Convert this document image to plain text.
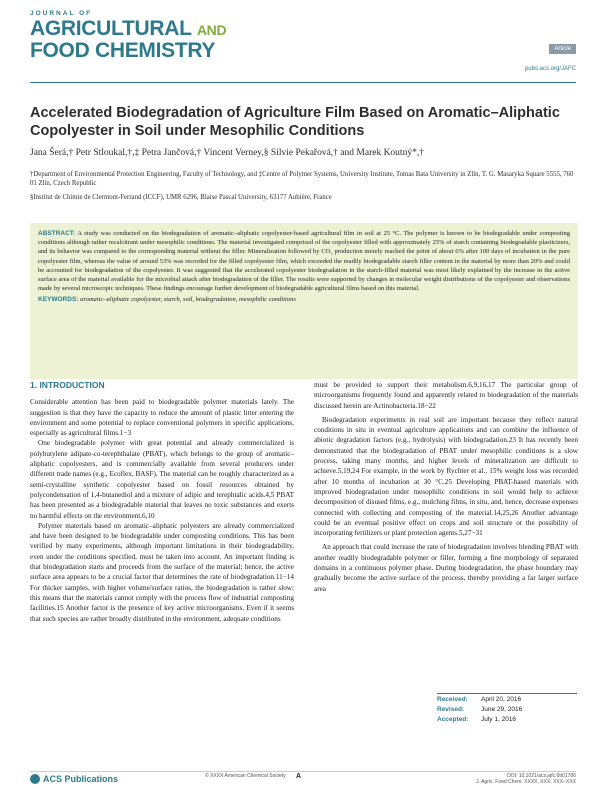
JOURNAL OF
AGRICULTURAL AND
FOOD CHEMISTRY	Article
pubs.acs.org/JAFC
Accelerated Biodegradation of Agriculture Film Based on Aromatic–Aliphatic Copolyester in Soil under Mesophilic Conditions

Jana Šerá,† Petr Stloukal,†,‡ Petra Jančová,† Vincent Verney,§ Silvie Pekařová,† and Marek Koutný*,†

†Department of Environmental Protection Engineering, Faculty of Technology, and ‡Centre of Polymer Systems, University Institute, Tomas Bata University in Zlín, T. G. Masaryka Square 5555, 760 01 Zlín, Czech Republic

§Institut de Chimie de Clermont-Ferrand (ICCF), UMR 6296, Blaise Pascal University, 63177 Aubière, France

ABSTRACT: A study was conducted on the biodegradation of aromatic–aliphatic copolyester-based agricultural film in soil at 25 °C. The polymer is known to be biodegradable under composting conditions although rather recalcitrant under mesophilic conditions. The material investigated comprised of the copolyester filled with approximately 25% of starch containing biodegradable plasticizers, and its behavior was compared to the corresponding material without the filler. Mineralization followed by CO₂ production merely reached the point of about 6% after 100 days of incubation in the pure copolyester film, whereas the value of around 53% was recorded for the filled copolyester film, which exceeded the readily biodegradable starch filler content in the material by more than 20% and could be accounted for biodegradation of the copolyester. It was suggested that the accelerated copolyester biodegradation in the starch-filled material was most likely explained by the increase in the active surface area of the material available for the microbial attack after biodegradation of the filler. The results were supported by changes in molecular weight distributions of the copolyester and observations made by several microscopic techniques. These findings encourage further development of biodegradable agricultural films based on this material.
KEYWORDS: aromatic–aliphatic copolyester, starch, soil, biodegradation, mesophilic conditions
1. INTRODUCTION

Considerable attention has been paid to biodegradable polymer materials lately. The suggestion is that they have the capacity to reduce the amount of plastic litter entering the environment and some potential to replace conventional polymers in specific applications, especially as agricultural films.1−3

One biodegradable polymer with great potential and already commercialized is polybutylene adipate-co-terephthalate (PBAT), which belongs to the group of aromatic–aliphatic copolyesters, and is commercially available from several producers under different trade names (e.g., Ecoflex, BASF). The material can be roughly characterized as a semi-crystalline synthetic copolyester based on fossil resources obtained by polycondensation of 1,4-butanediol and a mixture of adipic and terephtalic acids.4,5 PBAT has been presented as a biodegradable material that leaves no toxic substances and exerts no harmful effects on the environment.6,10

Polymer materials based on aromatic–aliphatic polyesters are already commercialized and have been designed to be biodegradable under composting conditions. This has been verified by many experiments, although important limitations in their biodegradability, even under the conditions specified, must be taken into account. An important finding is that biodegradation starts and proceeds from the surface of the material; hence, the active surface area appears to be a crucial factor that determines the rate of biodegradation.11−14 For thicker samples, with higher volume/surface ratios, the biodegradation is rather slow; this means that the materials cannot comply with the process flow of industrial composting facilities.15 Another factor is the presence of key active microorganisms. Even if it seems that such species are rather broadly distributed in the environment, adequate conditions

must be provided to support their metabolism.6,9,16,17 The particular group of microorganisms frequently found and apparently related to biodegradation of the materials discussed herein are Actinobacteria.18−22

Biodegradation experiments in real soil are important because they reflect natural conditions in situ in eventual agriculture applications and can combine the influence of abiotic degradation factors (e.g., hydrolysis) with biodegradation.23 It has recently been demonstrated that the biodegradation of PBAT under mesophilic conditions is a slow process, taking many months, and higher levels of mineralization are difficult to achieve.5,19,24 For example, in the work by Rychter et al., 15% weight loss was recorded after 10 months of incubation at 30 °C.25 Developing PBAT-based materials with improved biodegradation under mesophilic conditions in soil would help to achieve decomposition of disused films, e.g., mulching films, in situ, and, hence, decrease expenses connected with collecting and composting of the material.14,25,26 Another advantage could be an eventual positive effect on crops and soil structure or the possibility of incorporating fertilizers or plant protection agents.5,27−31

An approach that could increase the rate of biodegradation involves blending PBAT with another readily biodegradable polymer or filler, forming a fine morphology of separated domains in a continuous polymer phase. During biodegradation, the phase boundary may gradually become the active surface of the process, thereby providing a far larger surface area

Received: April 20, 2016
Revised:	June 29, 2016
Accepted: July 1, 2016
ACS Publications	© XXXX American Chemical Society A	DOI: 10.1021/acs.jafc.6b01786
J. Agric. Food Chem. XXXX, XXX, XXX−XXX
